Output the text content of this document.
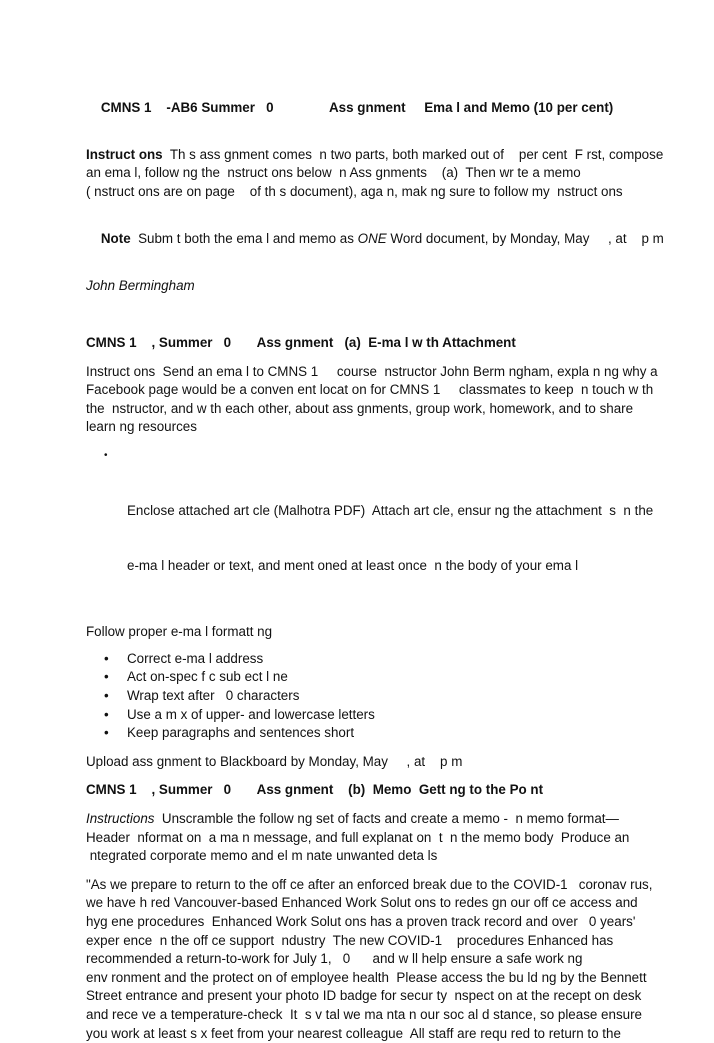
CMNS 1    -AB6 Summer   0	Ass gnment     Ema l and Memo (10 per cent)

Instruct ons  Th s ass gnment comes  n two parts, both marked out of    per cent  F rst, compose
an ema l, follow ng the  nstruct ons below  n Ass gnments    (a)  Then wr te a memo
( nstruct ons are on page    of th s document), aga n, mak ng sure to follow my  nstruct ons

Note  Subm t both the ema l and memo as ONE Word document, by Monday, May     , at    p m

John Bermingham

CMNS 1    , Summer   0       Ass gnment   (a)  E-ma l w th Attachment

Instruct ons  Send an ema l to CMNS 1     course  nstructor John Berm ngham, expla n ng why a
Facebook page would be a conven ent locat on for CMNS 1     classmates to keep  n touch w th
the  nstructor, and w th each other, about ass gnments, group work, homework, and to share
learn ng resources

•

Enclose attached art cle (Malhotra PDF)  Attach art cle, ensur ng the attachment  s  n the

e-ma l header or text, and ment oned at least once  n the body of your ema l

Follow proper e-ma l formatt ng

• Correct e-ma l address
• Act on-spec f c sub ect l ne
• Wrap text after   0 characters
• Use a m x of upper- and lowercase letters
• Keep paragraphs and sentences short

Upload ass gnment to Blackboard by Monday, May     , at    p m

CMNS 1    , Summer   0       Ass gnment    (b)  Memo  Gett ng to the Po nt

Instructions  Unscramble the follow ng set of facts and create a memo -  n memo format—
Header  nformat on  a ma n message, and full explanat on  t  n the memo body  Produce an
ntegrated corporate memo and el m nate unwanted deta ls

"As we prepare to return to the off ce after an enforced break due to the COVID-1   coronav rus,
we have h red Vancouver-based Enhanced Work Solut ons to redes gn our off ce access and
hyg ene procedures  Enhanced Work Solut ons has a proven track record and over   0 years'
exper ence  n the off ce support  ndustry  The new COVID-1    procedures Enhanced has
recommended a return-to-work for July 1,   0      and w ll help ensure a safe work ng
env ronment and the protect on of employee health  Please access the bu ld ng by the Bennett
Street entrance and present your photo ID badge for secur ty  nspect on at the recept on desk
and rece ve a temperature-check  It  s v tal we ma nta n our soc al d stance, so please ensure
you work at least s x feet from your nearest colleague  All staff are requ red to return to the
